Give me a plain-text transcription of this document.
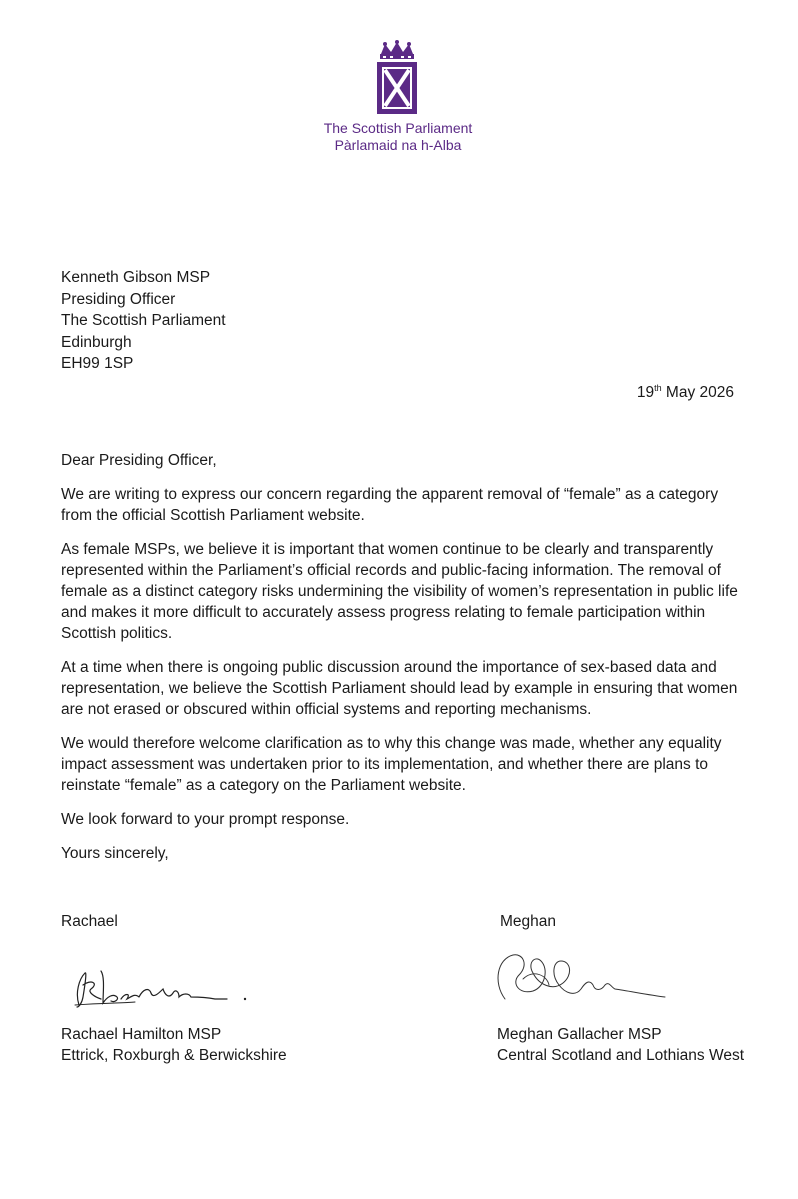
The Scottish Parliament
Pàrlamaid na h-Alba
Kenneth Gibson MSP
Presiding Officer
The Scottish Parliament
Edinburgh
EH99 1SP
19th May 2026

Dear Presiding Officer,

We are writing to express our concern regarding the apparent removal of “female” as a category from the official Scottish Parliament website.

As female MSPs, we believe it is important that women continue to be clearly and transparently represented within the Parliament’s official records and public-facing information. The removal of female as a distinct category risks undermining the visibility of women’s representation in public life and makes it more difficult to accurately assess progress relating to female participation within Scottish politics.

At a time when there is ongoing public discussion around the importance of sex-based data and representation, we believe the Scottish Parliament should lead by example in ensuring that women are not erased or obscured within official systems and reporting mechanisms.

We would therefore welcome clarification as to why this change was made, whether any equality impact assessment was undertaken prior to its implementation, and whether there are plans to reinstate “female” as a category on the Parliament website.

We look forward to your prompt response.

Yours sincerely,

Rachael
Rachael Hamilton MSP
Ettrick, Roxburgh & Berwickshire
Meghan
Meghan Gallacher MSP
Central Scotland and Lothians West
